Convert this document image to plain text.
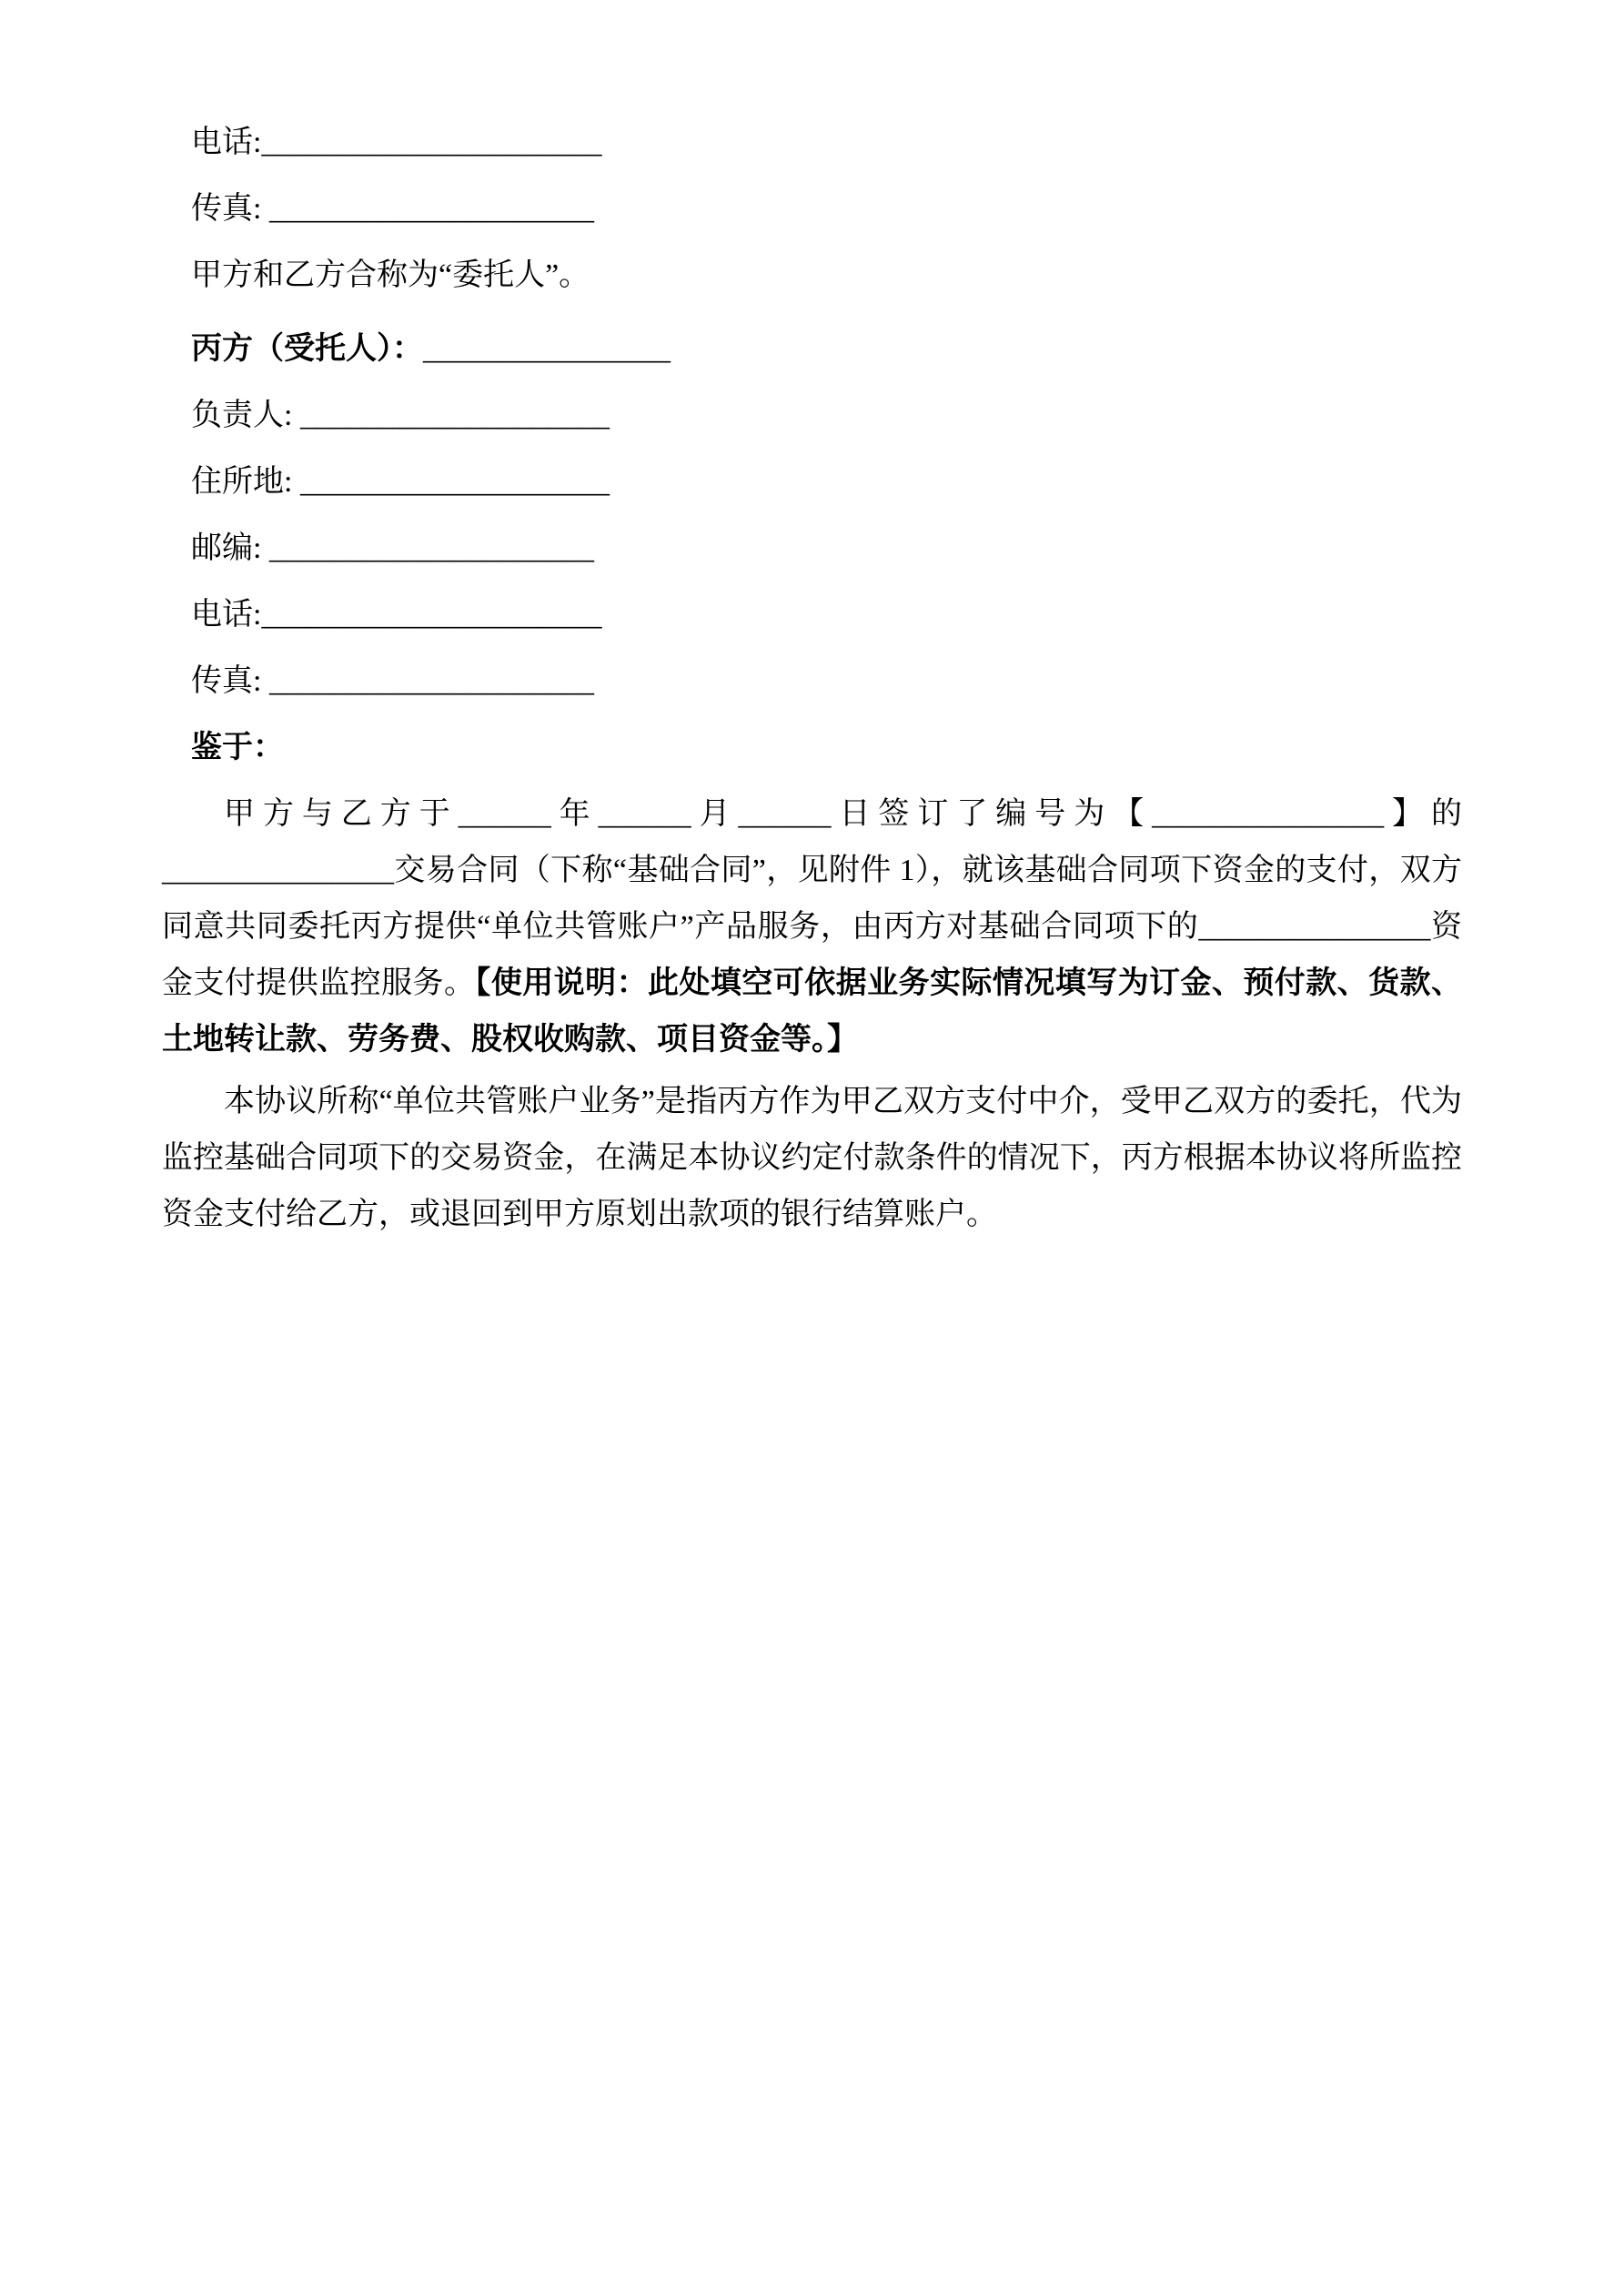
电话:______________________
传真: _____________________
甲方和乙方合称为“委托人”。
丙方（受托人）：________________
负责人: ____________________
住所地: ____________________
邮编: _____________________
电话:______________________
传真: _____________________
鉴于：

甲方与乙方于______年______月______日签订了编号为【_______________】的_______________交易合同（下称“基础合同”，见附件 1），就该基础合同项下资金的支付，双方同意共同委托丙方提供“单位共管账户”产品服务，由丙方对基础合同项下的_______________资金支付提供监控服务。【使用说明：此处填空可依据业务实际情况填写为订金、预付款、货款、土地转让款、劳务费、股权收购款、项目资金等。】

本协议所称“单位共管账户业务”是指丙方作为甲乙双方支付中介，受甲乙双方的委托，代为监控基础合同项下的交易资金，在满足本协议约定付款条件的情况下，丙方根据本协议将所监控资金支付给乙方，或退回到甲方原划出款项的银行结算账户。
